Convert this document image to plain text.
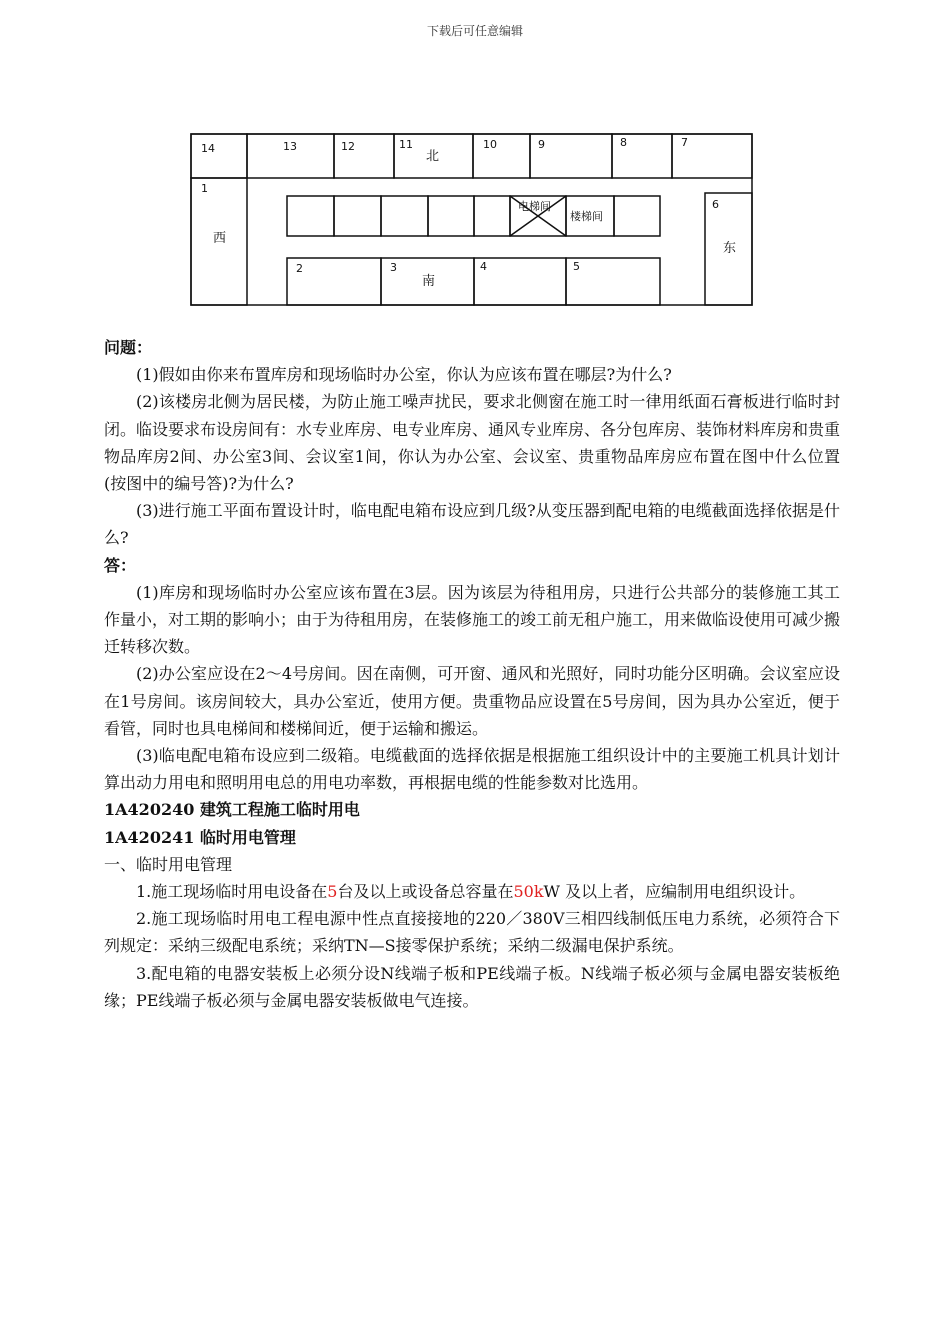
下载后可任意编辑
14	13	12	11	10	9	8	7
1
6
2	3	4	5
北
南
西
东
电梯间
楼梯间

问题：

(1)假如由你来布置库房和现场临时办公室，你认为应该布置在哪层?为什么?

(2)该楼房北侧为居民楼，为防止施工噪声扰民，要求北侧窗在施工时一律用纸面石膏板进行临时封闭。临设要求布设房间有：水专业库房、电专业库房、通风专业库房、各分包库房、装饰材料库房和贵重物品库房2间、办公室3间、会议室1间，你认为办公室、会议室、贵重物品库房应布置在图中什么位置(按图中的编号答)?为什么?

(3)进行施工平面布置设计时，临电配电箱布设应到几级?从变压器到配电箱的电缆截面选择依据是什么?

答：

(1)库房和现场临时办公室应该布置在3层。因为该层为待租用房，只进行公共部分的装修施工其工作量小，对工期的影响小；由于为待租用房，在装修施工的竣工前无租户施工，用来做临设使用可减少搬迁转移次数。

(2)办公室应设在2～4号房间。因在南侧，可开窗、通风和光照好，同时功能分区明确。会议室应设在1号房间。该房间较大，具办公室近，使用方便。贵重物品应设置在5号房间，因为具办公室近，便于看管，同时也具电梯间和楼梯间近，便于运输和搬运。

(3)临电配电箱布设应到二级箱。电缆截面的选择依据是根据施工组织设计中的主要施工机具计划计算出动力用电和照明用电总的用电功率数，再根据电缆的性能参数对比选用。

1A420240 建筑工程施工临时用电

1A420241 临时用电管理

一、临时用电管理

1.施工现场临时用电设备在5台及以上或设备总容量在50kW 及以上者，应编制用电组织设计。

2.施工现场临时用电工程电源中性点直接接地的220／380V三相四线制低压电力系统，必须符合下列规定：采纳三级配电系统；采纳TN—S接零保护系统；采纳二级漏电保护系统。

3.配电箱的电器安装板上必须分设N线端子板和PE线端子板。N线端子板必须与金属电器安装板绝缘；PE线端子板必须与金属电器安装板做电气连接。
